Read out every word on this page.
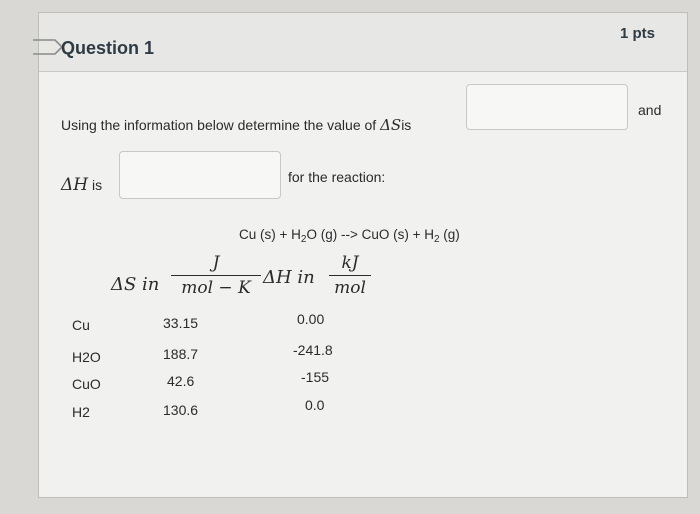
Question 1
1 pts
Using the information below determine the value of ΔSis
and
ΔH is	for the reaction:
Cu $(s) + H_2O$ (g) --> CuO $(s) + H_2$ (g)
ΔS in
J
mol − K ΔH in
kJ
mol
Cu	33.15	0.00
H2O	188.7	-241.8
CuO	42.6	-155
H2	130.6	0.0
